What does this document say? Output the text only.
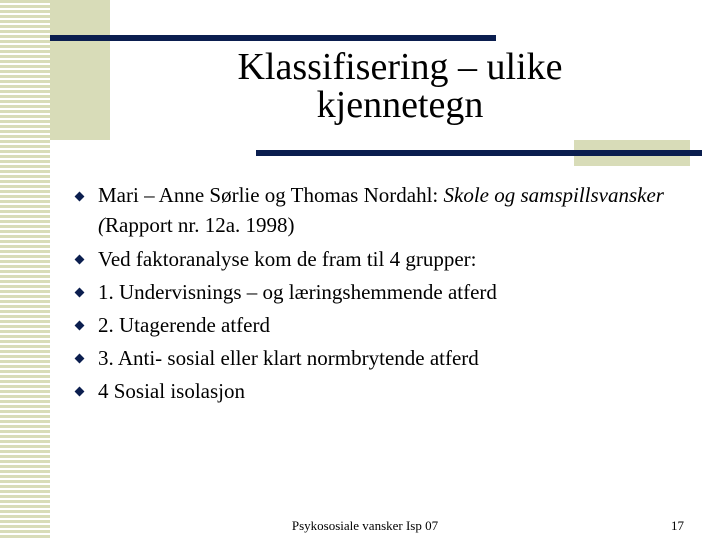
Klassifisering – ulike
kjennetegn
Mari – Anne Sørlie og Thomas Nordahl: Skole og samspillsvansker (Rapport nr. 12a. 1998)
Ved faktoranalyse kom de fram til 4 grupper:
1. Undervisnings – og læringshemmende atferd
2. Utagerende atferd
3. Anti- sosial eller klart normbrytende atferd
4 Sosial isolasjon
Psykososiale vansker Isp 07	17
